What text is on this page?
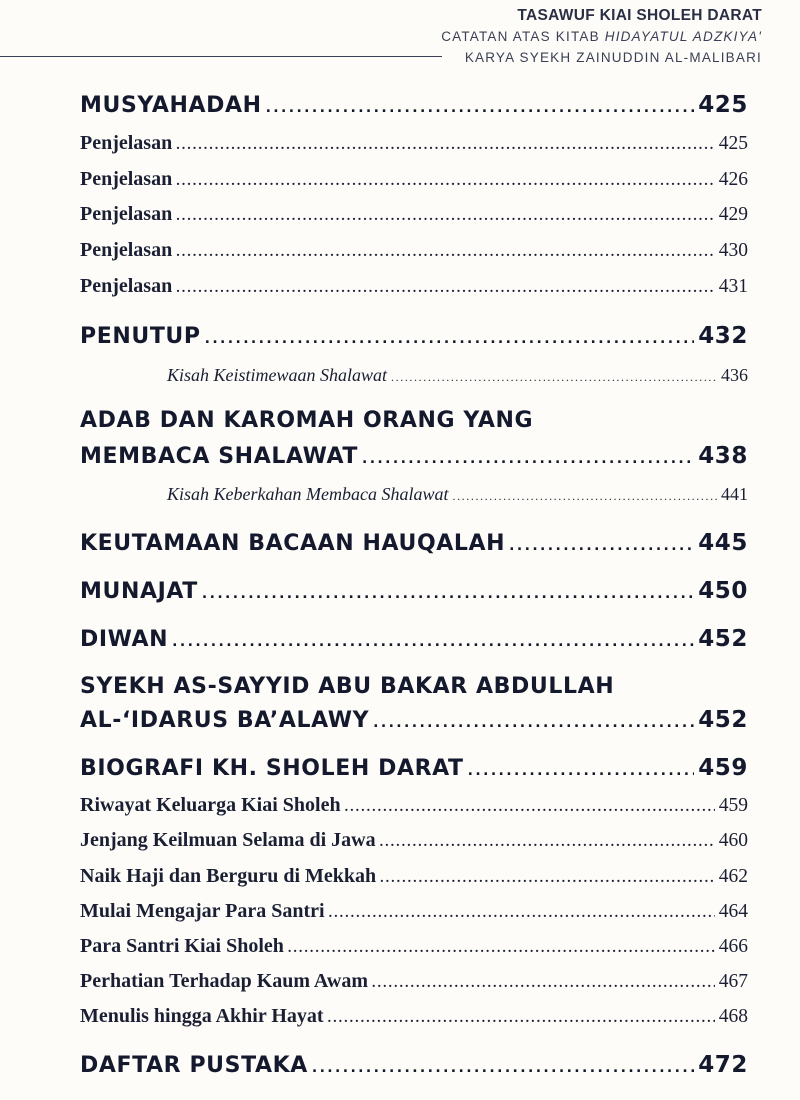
TASAWUF KIAI SHOLEH DARAT
CATATAN ATAS KITAB HIDAYATUL ADZKIYA'
KARYA SYEKH ZAINUDDIN AL-MALIBARI
MUSYAHADAH .....	425
Penjelasan .....	425
Penjelasan .....	426
Penjelasan .....	429
Penjelasan .....	430
Penjelasan .....	431
PENUTUP .....	432
Kisah Keistimewaan Shalawat .....	436
ADAB DAN KAROMAH ORANG YANG
MEMBACA SHALAWAT .....	438
Kisah Keberkahan Membaca Shalawat .....	441
KEUTAMAAN BACAAN HAUQALAH .....	445
MUNAJAT .....	450
DIWAN .....	452
SYEKH AS-SAYYID ABU BAKAR ABDULLAH
AL-‘IDARUS BA’ALAWY .....	452
BIOGRAFI KH. SHOLEH DARAT .....	459
Riwayat Keluarga Kiai Sholeh .....	459
Jenjang Keilmuan Selama di Jawa .....	460
Naik Haji dan Berguru di Mekkah .....	462
Mulai Mengajar Para Santri .....	464
Para Santri Kiai Sholeh .....	466
Perhatian Terhadap Kaum Awam .....	467
Menulis hingga Akhir Hayat .....	468
DAFTAR PUSTAKA .....	472
